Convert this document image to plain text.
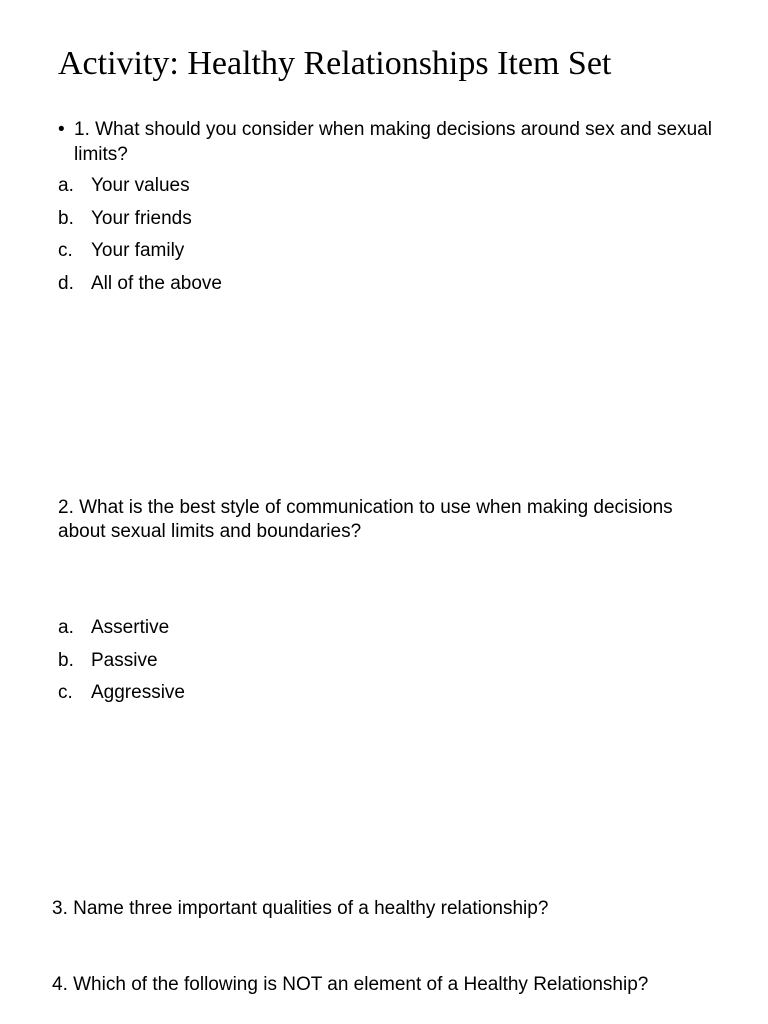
Activity: Healthy Relationships Item Set
• 1. What should you consider when making decisions around sex and sexual limits?
a. Your values
b. Your friends
c. Your family
d. All of the above
2. What is the best style of communication to use when making decisions about sexual limits and boundaries?
a. Assertive
b. Passive
c. Aggressive
3. Name three important qualities of a healthy relationship?
4. Which of the following is NOT an element of a Healthy Relationship?
